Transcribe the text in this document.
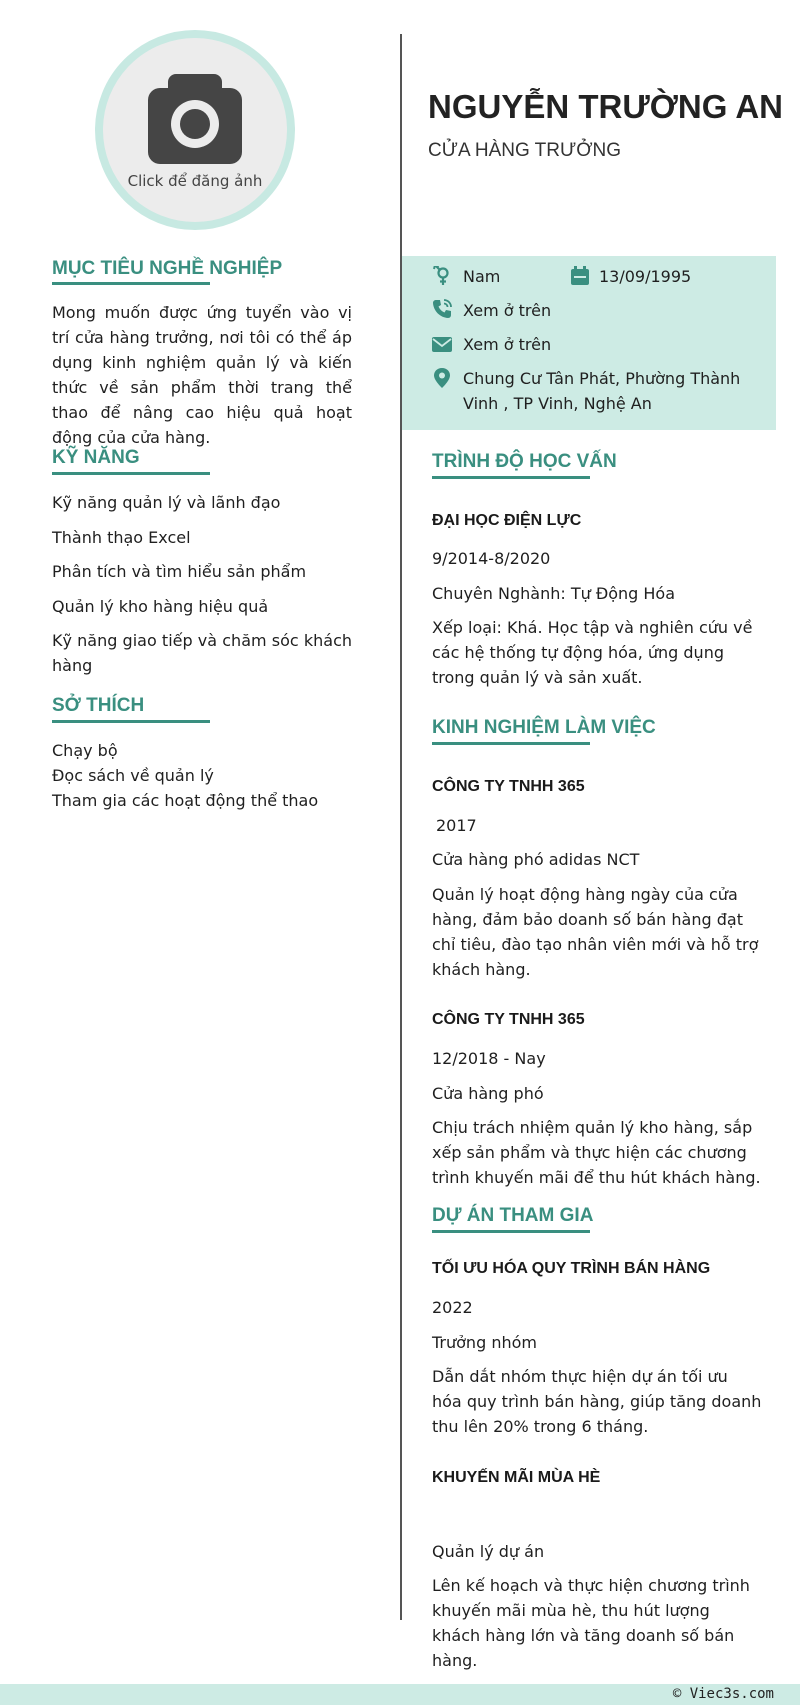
Click để đăng ảnh
NGUYỄN TRƯỜNG AN
CỬA HÀNG TRƯỞNG
Nam	13/09/1995
Xem ở trên
Xem ở trên
Chung Cư Tân Phát, Phường Thành
Vinh , TP Vinh, Nghệ An
MỤC TIÊU NGHỀ NGHIỆP

Mong muốn được ứng tuyển vào vị trí cửa hàng trưởng, nơi tôi có thể áp dụng kinh nghiệm quản lý và kiến thức về sản phẩm thời trang thể thao để nâng cao hiệu quả hoạt động của cửa hàng.

KỸ NĂNG

Kỹ năng quản lý và lãnh đạo

Thành thạo Excel

Phân tích và tìm hiểu sản phẩm

Quản lý kho hàng hiệu quả

Kỹ năng giao tiếp và chăm sóc khách hàng

SỞ THÍCH
Chạy bộ
Đọc sách về quản lý
Tham gia các hoạt động thể thao
TRÌNH ĐỘ HỌC VẤN
ĐẠI HỌC ĐIỆN LỰC
9/2014-8/2020
Chuyên Nghành: Tự Động Hóa

Xếp loại: Khá. Học tập và nghiên cứu về các hệ thống tự động hóa, ứng dụng trong quản lý và sản xuất.

KINH NGHIỆM LÀM VIỆC
CÔNG TY TNHH 365
2017
Cửa hàng phó adidas NCT

Quản lý hoạt động hàng ngày của cửa hàng, đảm bảo doanh số bán hàng đạt chỉ tiêu, đào tạo nhân viên mới và hỗ trợ khách hàng.

CÔNG TY TNHH 365
12/2018 - Nay
Cửa hàng phó

Chịu trách nhiệm quản lý kho hàng, sắp xếp sản phẩm và thực hiện các chương trình khuyến mãi để thu hút khách hàng.

DỰ ÁN THAM GIA
TỐI ƯU HÓA QUY TRÌNH BÁN HÀNG
2022
Trưởng nhóm

Dẫn dắt nhóm thực hiện dự án tối ưu hóa quy trình bán hàng, giúp tăng doanh thu lên 20% trong 6 tháng.

KHUYẾN MÃI MÙA HÈ
Quản lý dự án

Lên kế hoạch và thực hiện chương trình khuyến mãi mùa hè, thu hút lượng khách hàng lớn và tăng doanh số bán hàng.

© Viec3s.com
